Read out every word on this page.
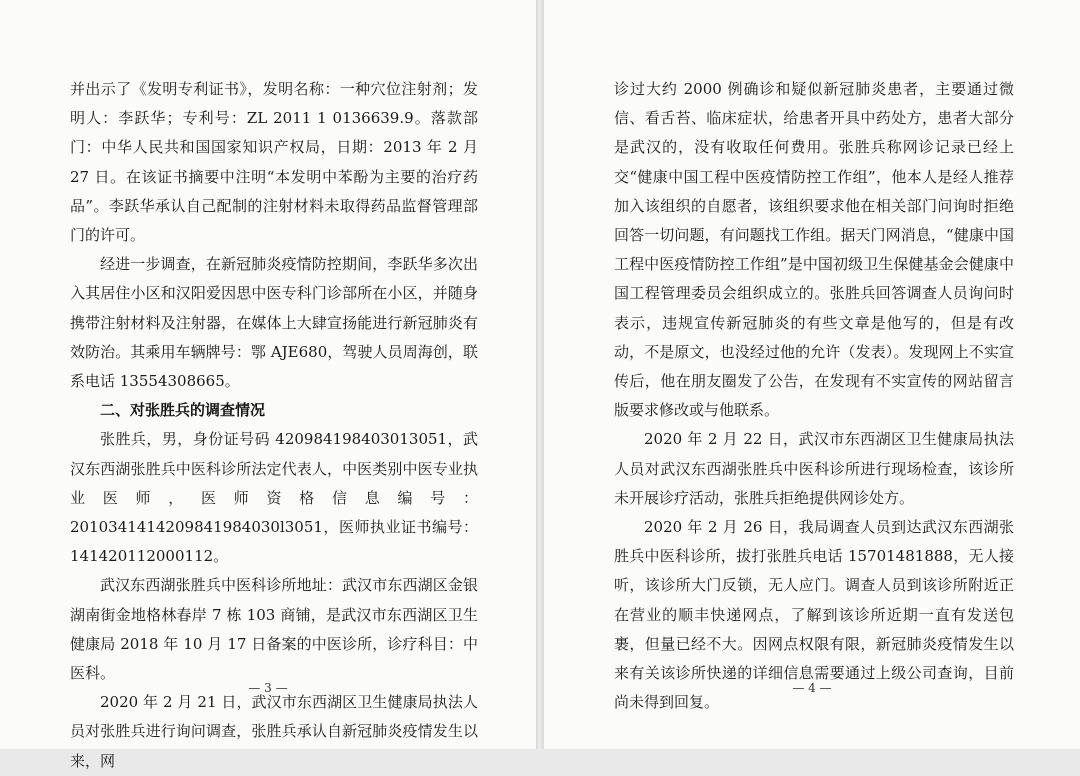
并出示了《发明专利证书》，发明名称：一种穴位注射剂；发明人：李跃华；专利号：ZL 2011 1 0136639.9。落款部门：中华人民共和国国家知识产权局，日期：2013 年 2 月 27 日。在该证书摘要中注明“本发明中苯酚为主要的治疗药品”。李跃华承认自己配制的注射材料未取得药品监督管理部门的许可。

经进一步调查，在新冠肺炎疫情防控期间，李跃华多次出入其居住小区和汉阳爱因思中医专科门诊部所在小区，并随身携带注射材料及注射器，在媒体上大肆宣扬能进行新冠肺炎有效防治。其乘用车辆牌号：鄂 AJE680，驾驶人员周海创，联系电话 13554308665。

二、对张胜兵的调查情况

张胜兵，男，身份证号码 420984198403013051，武汉东西湖张胜兵中医科诊所法定代表人，中医类别中医专业执业医师，医师资格信息编号：2010341414209841984030l3051，医师执业证书编号：141420112000112。

武汉东西湖张胜兵中医科诊所地址：武汉市东西湖区金银湖南街金地格林春岸 7 栋 103 商铺，是武汉市东西湖区卫生健康局 2018 年 10 月 17 日备案的中医诊所，诊疗科目：中医科。

2020 年 2 月 21 日，武汉市东西湖区卫生健康局执法人员对张胜兵进行询问调查，张胜兵承认自新冠肺炎疫情发生以来，网

— 3 —

诊过大约 2000 例确诊和疑似新冠肺炎患者，主要通过微信、看舌苔、临床症状，给患者开具中药处方，患者大部分是武汉的，没有收取任何费用。张胜兵称网诊记录已经上交“健康中国工程中医疫情防控工作组”，他本人是经人推荐加入该组织的自愿者，该组织要求他在相关部门问询时拒绝回答一切问题，有问题找工作组。据天门网消息，“健康中国工程中医疫情防控工作组”是中国初级卫生保健基金会健康中国工程管理委员会组织成立的。张胜兵回答调查人员询问时表示，违规宣传新冠肺炎的有些文章是他写的，但是有改动，不是原文，也没经过他的允许（发表）。发现网上不实宣传后，他在朋友圈发了公告，在发现有不实宣传的网站留言版要求修改或与他联系。

2020 年 2 月 22 日，武汉市东西湖区卫生健康局执法人员对武汉东西湖张胜兵中医科诊所进行现场检查，该诊所未开展诊疗活动，张胜兵拒绝提供网诊处方。

2020 年 2 月 26 日，我局调查人员到达武汉东西湖张胜兵中医科诊所，拔打张胜兵电话 15701481888，无人接听，该诊所大门反锁，无人应门。调查人员到该诊所附近正在营业的顺丰快递网点，了解到该诊所近期一直有发送包裹，但量已经不大。因网点权限有限，新冠肺炎疫情发生以来有关该诊所快递的详细信息需要通过上级公司查询，目前尚未得到回复。

— 4 —
